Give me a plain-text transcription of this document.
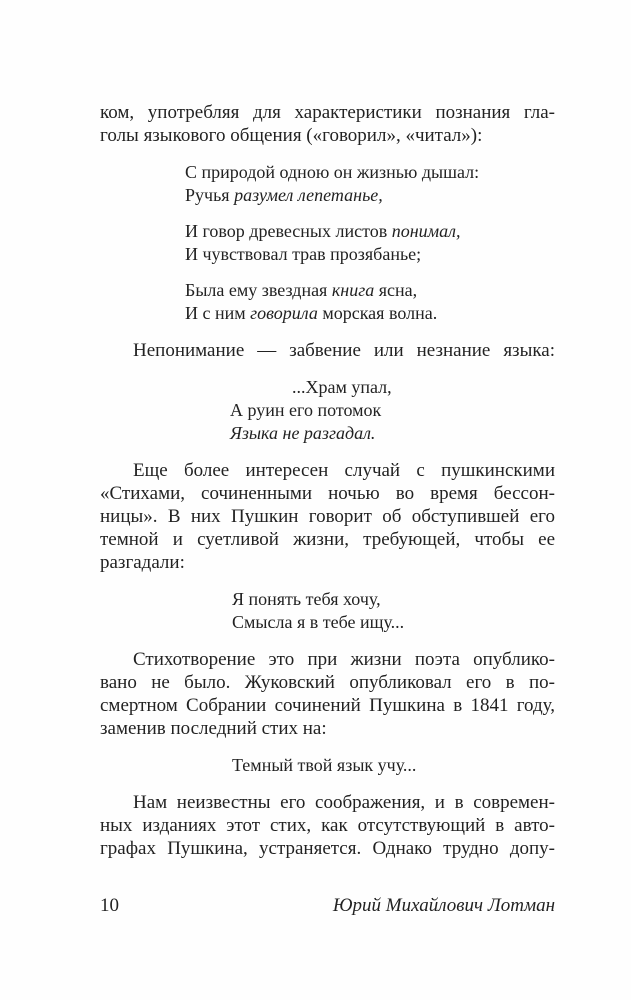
ком, употребляя для характеристики познания гла-
голы языкового общения («говорил», «читал»):
С природой одною он жизнью дышал:
Ручья разумел лепетанье,
И говор древесных листов понимал,
И чувствовал трав прозябанье;
Была ему звездная книга ясна,
И с ним говорила морская волна.
Непонимание — забвение или незнание языка:
...Храм упал,
А руин его потомок
Языка не разгадал.
Еще более интересен случай с пушкинскими
«Стихами, сочиненными ночью во время бессон-
ницы». В них Пушкин говорит об обступившей его
темной и суетливой жизни, требующей, чтобы ее
разгадали:
Я понять тебя хочу,
Смысла я в тебе ищу...
Стихотворение это при жизни поэта опублико-
вано не было. Жуковский опубликовал его в по-
смертном Собрании сочинений Пушкина в 1841 году,
заменив последний стих на:
Темный твой язык учу...
Нам неизвестны его соображения, и в современ-
ных изданиях этот стих, как отсутствующий в авто-
графах Пушкина, устраняется. Однако трудно допу-
10	Юрий Михайлович Лотман
